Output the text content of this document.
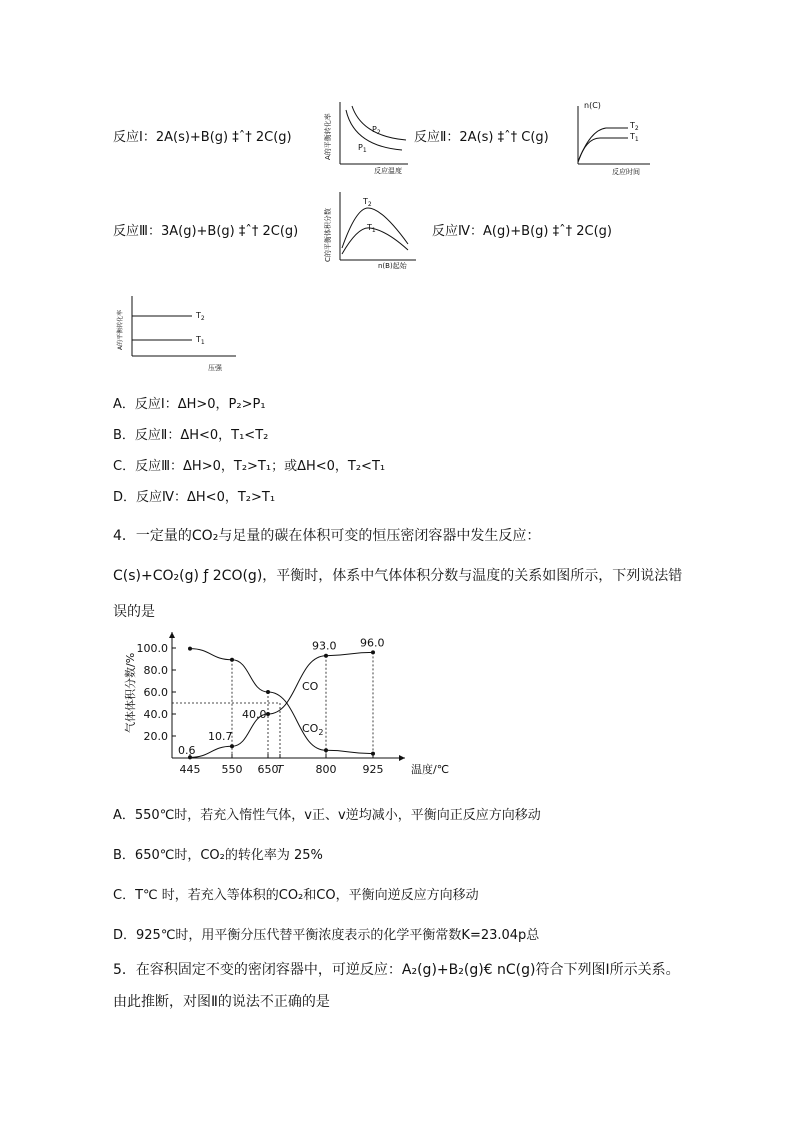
反应Ⅰ：2A(s)+B(g) ‡ˆ† 2C(g)
$P_2$
$P_1$
A的平衡转化率
反应温度
反应Ⅱ：2A(s) ‡ˆ† C(g)
$T_2$
$T_1$
n(C)
反应时间
反应Ⅲ：3A(g)+B(g) ‡ˆ† 2C(g)
$T_2$
$T_1$
C的平衡体积分数
n(B)起始
反应Ⅳ：A(g)+B(g) ‡ˆ† 2C(g)
$T_2$
$T_1$
A的平衡转化率
压强
A．反应Ⅰ：ΔH>0，P₂>P₁
B．反应Ⅱ：ΔH<0，T₁<T₂
C．反应Ⅲ：ΔH>0，T₂>T₁；或ΔH<0，T₂<T₁
D．反应Ⅳ：ΔH<0，T₂>T₁
4．一定量的CO₂与足量的碳在体积可变的恒压密闭容器中发生反应：
C(s)+CO₂(g) ƒ 2CO(g)，平衡时，体系中气体体积分数与温度的关系如图所示，下列说法错
误的是
20.0
40.0
60.0
80.0
100.0
445 550 650
T	800 925	温度/℃
气体体积分数/%	CO
$CO_2$
0.6
10.7
40.0
93.0 96.0
A．550℃时，若充入惰性气体，v正、v逆均减小，平衡向正反应方向移动
B．650℃时，CO₂的转化率为 25%
C．T℃ 时，若充入等体积的CO₂和CO，平衡向逆反应方向移动
D．925℃时，用平衡分压代替平衡浓度表示的化学平衡常数K=23.04p总
5．在容积固定不变的密闭容器中，可逆反应：A₂(g)+B₂(g)€ nC(g)符合下列图Ⅰ所示关系。
由此推断，对图Ⅱ的说法不正确的是
